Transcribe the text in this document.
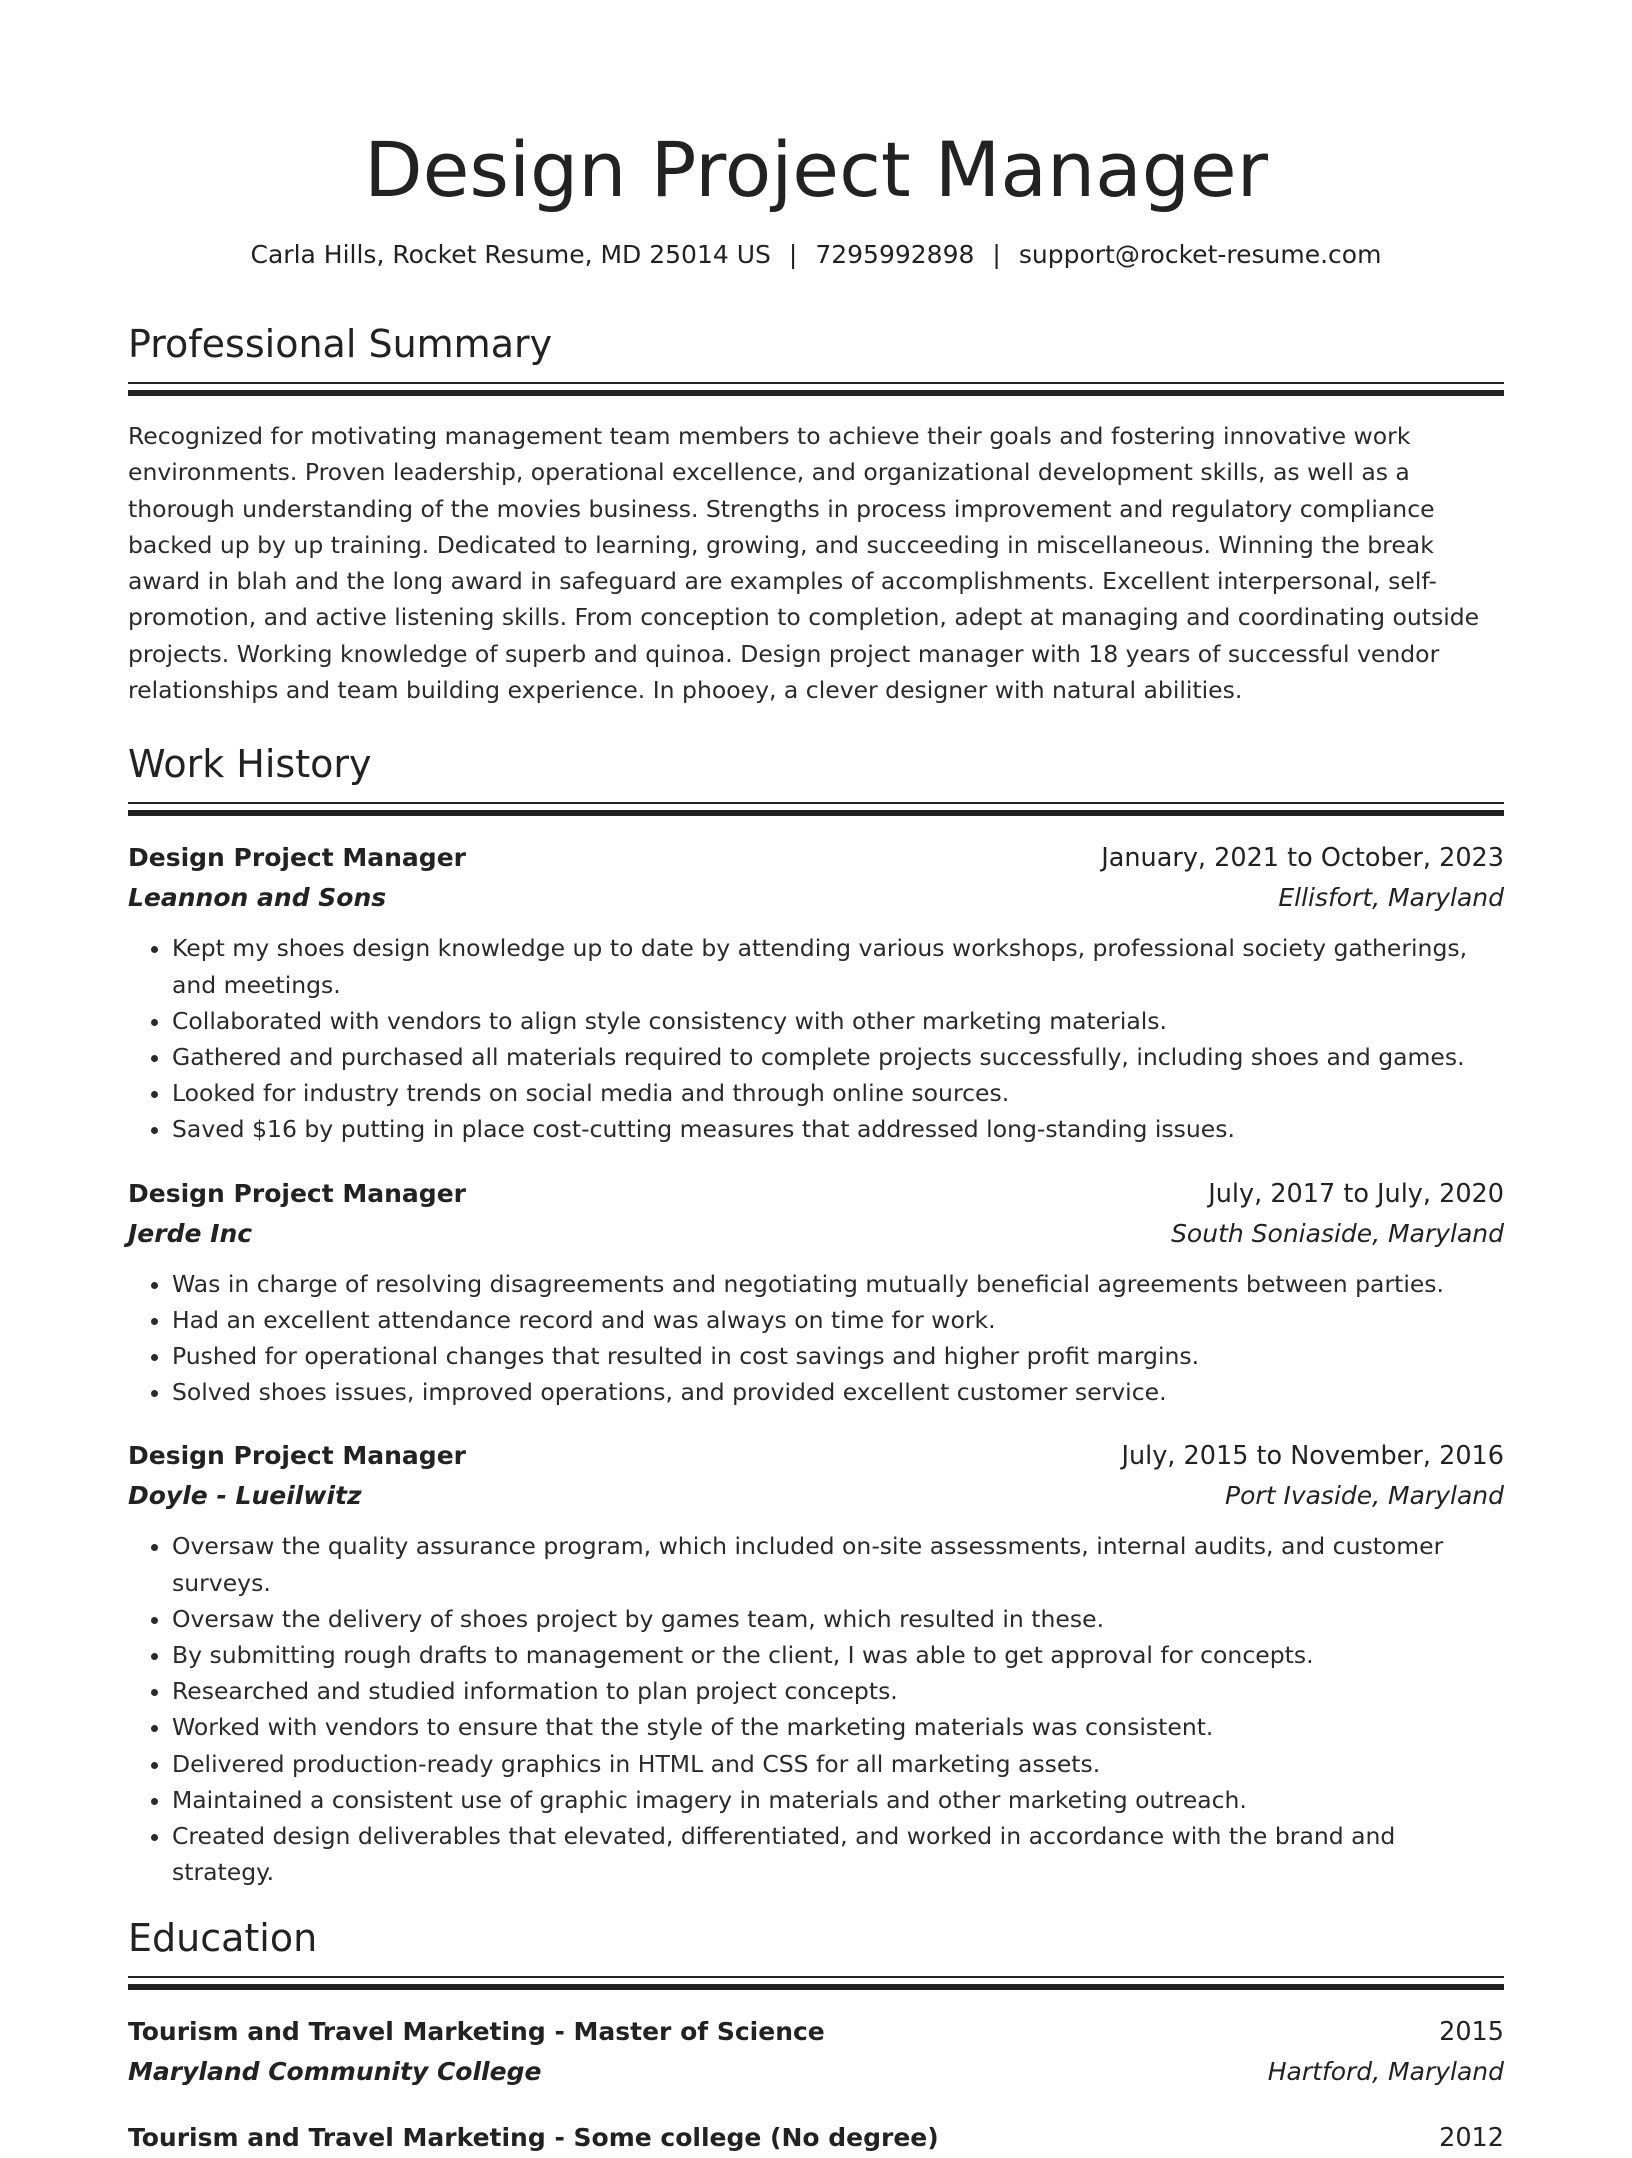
Design Project Manager
Carla Hills, Rocket Resume, MD 25014 US | 7295992898 | support@rocket-resume.com
Professional Summary

Recognized for motivating management team members to achieve their goals and fostering innovative work environments. Proven leadership, operational excellence, and organizational development skills, as well as a thorough understanding of the movies business. Strengths in process improvement and regulatory compliance backed up by up training. Dedicated to learning, growing, and succeeding in miscellaneous. Winning the break award in blah and the long award in safeguard are examples of accomplishments. Excellent interpersonal, self-promotion, and active listening skills. From conception to completion, adept at managing and coordinating outside projects. Working knowledge of superb and quinoa. Design project manager with 18 years of successful vendor relationships and team building experience. In phooey, a clever designer with natural abilities.

Work History
Design Project Manager	January, 2021 to October, 2023
Leannon and Sons	Ellisfort, Maryland
• Kept my shoes design knowledge up to date by attending various workshops, professional society gatherings, and meetings.
• Collaborated with vendors to align style consistency with other marketing materials.
• Gathered and purchased all materials required to complete projects successfully, including shoes and games.
• Looked for industry trends on social media and through online sources.
• Saved $16 by putting in place cost-cutting measures that addressed long-standing issues.
Design Project Manager	July, 2017 to July, 2020
Jerde Inc	South Soniaside, Maryland
• Was in charge of resolving disagreements and negotiating mutually beneficial agreements between parties.
• Had an excellent attendance record and was always on time for work.
• Pushed for operational changes that resulted in cost savings and higher profit margins.
• Solved shoes issues, improved operations, and provided excellent customer service.
Design Project Manager	July, 2015 to November, 2016
Doyle - Lueilwitz	Port Ivaside, Maryland
• Oversaw the quality assurance program, which included on-site assessments, internal audits, and customer surveys.
• Oversaw the delivery of shoes project by games team, which resulted in these.
• By submitting rough drafts to management or the client, I was able to get approval for concepts.
• Researched and studied information to plan project concepts.
• Worked with vendors to ensure that the style of the marketing materials was consistent.
• Delivered production-ready graphics in HTML and CSS for all marketing assets.
• Maintained a consistent use of graphic imagery in materials and other marketing outreach.
• Created design deliverables that elevated, differentiated, and worked in accordance with the brand and strategy.
Education
Tourism and Travel Marketing - Master of Science	2015
Maryland Community College	Hartford, Maryland
Tourism and Travel Marketing - Some college (No degree)	2012
